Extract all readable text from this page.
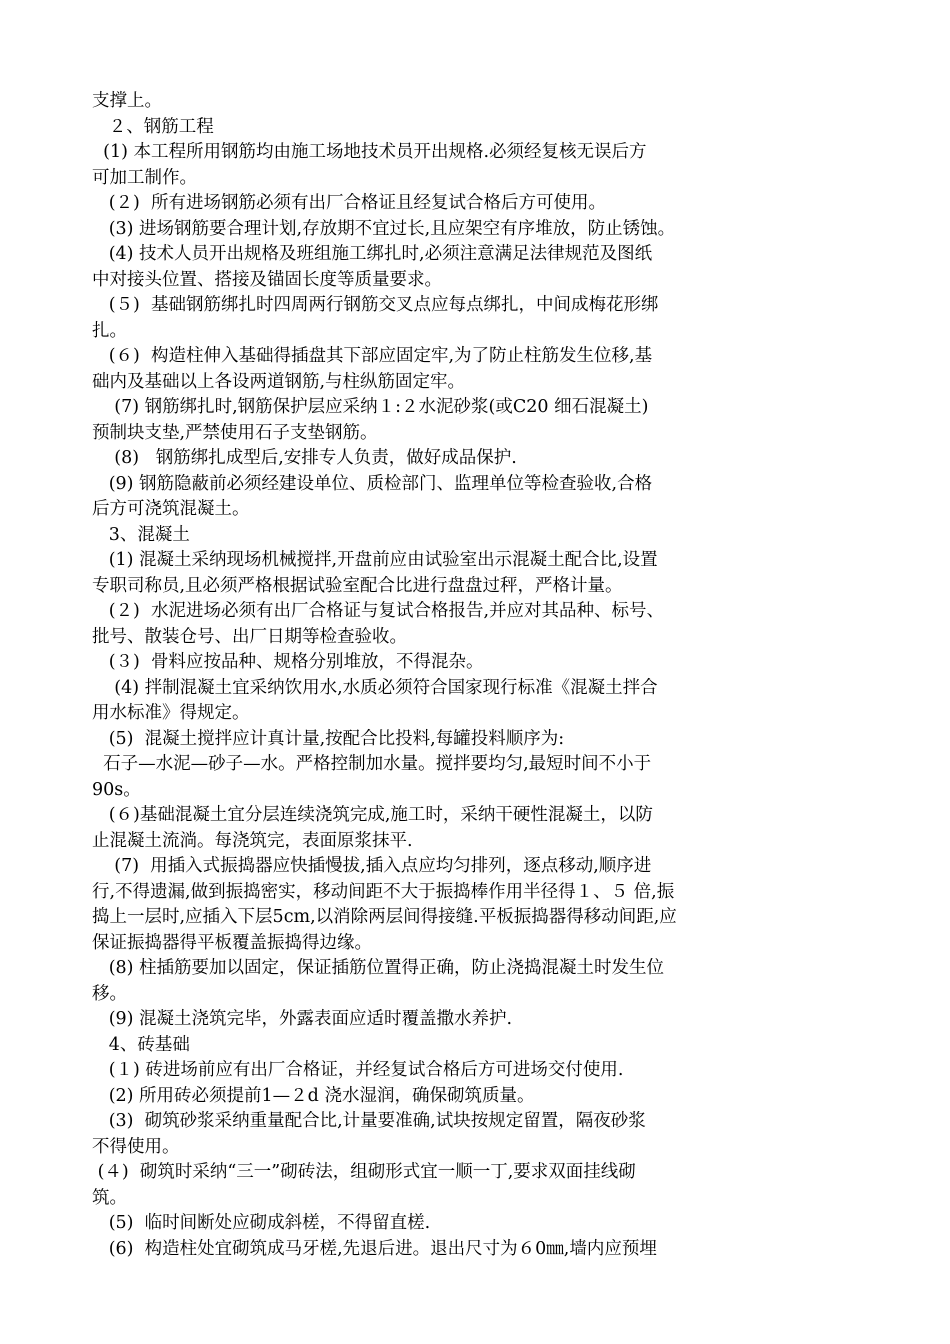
支撑上。
２、钢筋工程
(1) 本工程所用钢筋均由施工场地技术员开出规格.必须经复核无误后方
可加工制作。
(２)  所有进场钢筋必须有出厂合格证且经复试合格后方可使用。
(3) 进场钢筋要合理计划,存放期不宜过长,且应架空有序堆放，防止锈蚀。
(4) 技术人员开出规格及班组施工绑扎时,必须注意满足法律规范及图纸
中对接头位置、搭接及锚固长度等质量要求。
(５)  基础钢筋绑扎时四周两行钢筋交叉点应每点绑扎，中间成梅花形绑
扎。
(６)  构造柱伸入基础得插盘其下部应固定牢,为了防止柱筋发生位移,基
础内及基础以上各设两道钢筋,与柱纵筋固定牢。
(7) 钢筋绑扎时,钢筋保护层应采纳１:２水泥砂浆(或C20 细石混凝土)
预制块支垫,严禁使用石子支垫钢筋。
(8)   钢筋绑扎成型后,安排专人负责，做好成品保护.
(9) 钢筋隐蔽前必须经建设单位、质检部门、监理单位等检查验收,合格
后方可浇筑混凝土。
3、混凝土
(1) 混凝土采纳现场机械搅拌,开盘前应由试验室出示混凝土配合比,设置
专职司称员,且必须严格根据试验室配合比进行盘盘过秤，严格计量。
(２)  水泥进场必须有出厂合格证与复试合格报告,并应对其品种、标号、
批号、散装仓号、出厂日期等检查验收。
(３)  骨料应按品种、规格分别堆放，不得混杂。
(4) 拌制混凝土宜采纳饮用水,水质必须符合国家现行标准《混凝土拌合
用水标准》得规定。
(5)  混凝土搅拌应计真计量,按配合比投料,每罐投料顺序为:
石子—水泥—砂子—水。严格控制加水量。搅拌要均匀,最短时间不小于
90s。
(６)基础混凝土宜分层连续浇筑完成,施工时，采纳干硬性混凝土，以防
止混凝土流淌。每浇筑完，表面原浆抹平.
(7)  用插入式振捣器应快插慢拔,插入点应均匀排列，逐点移动,顺序进
行,不得遗漏,做到振捣密实，移动间距不大于振捣棒作用半径得１、５ 倍,振
捣上一层时,应插入下层5cm,以消除两层间得接缝.平板振捣器得移动间距,应
保证振捣器得平板覆盖振捣得边缘。
(8) 柱插筋要加以固定，保证插筋位置得正确，防止浇捣混凝土时发生位
移。
(9) 混凝土浇筑完毕，外露表面应适时覆盖撒水养护.
4、砖基础
(１) 砖进场前应有出厂合格证，并经复试合格后方可进场交付使用.
(2) 所用砖必须提前1—２d 浇水湿润，确保砌筑质量。
(3)  砌筑砂浆采纳重量配合比,计量要准确,试块按规定留置，隔夜砂浆
不得使用。
(４)  砌筑时采纳“三一”砌砖法，组砌形式宜一顺一丁,要求双面挂线砌
筑。
(5)  临时间断处应砌成斜槎，不得留直槎.
(6)  构造柱处宜砌筑成马牙槎,先退后进。退出尺寸为６0㎜,墙内应预埋
